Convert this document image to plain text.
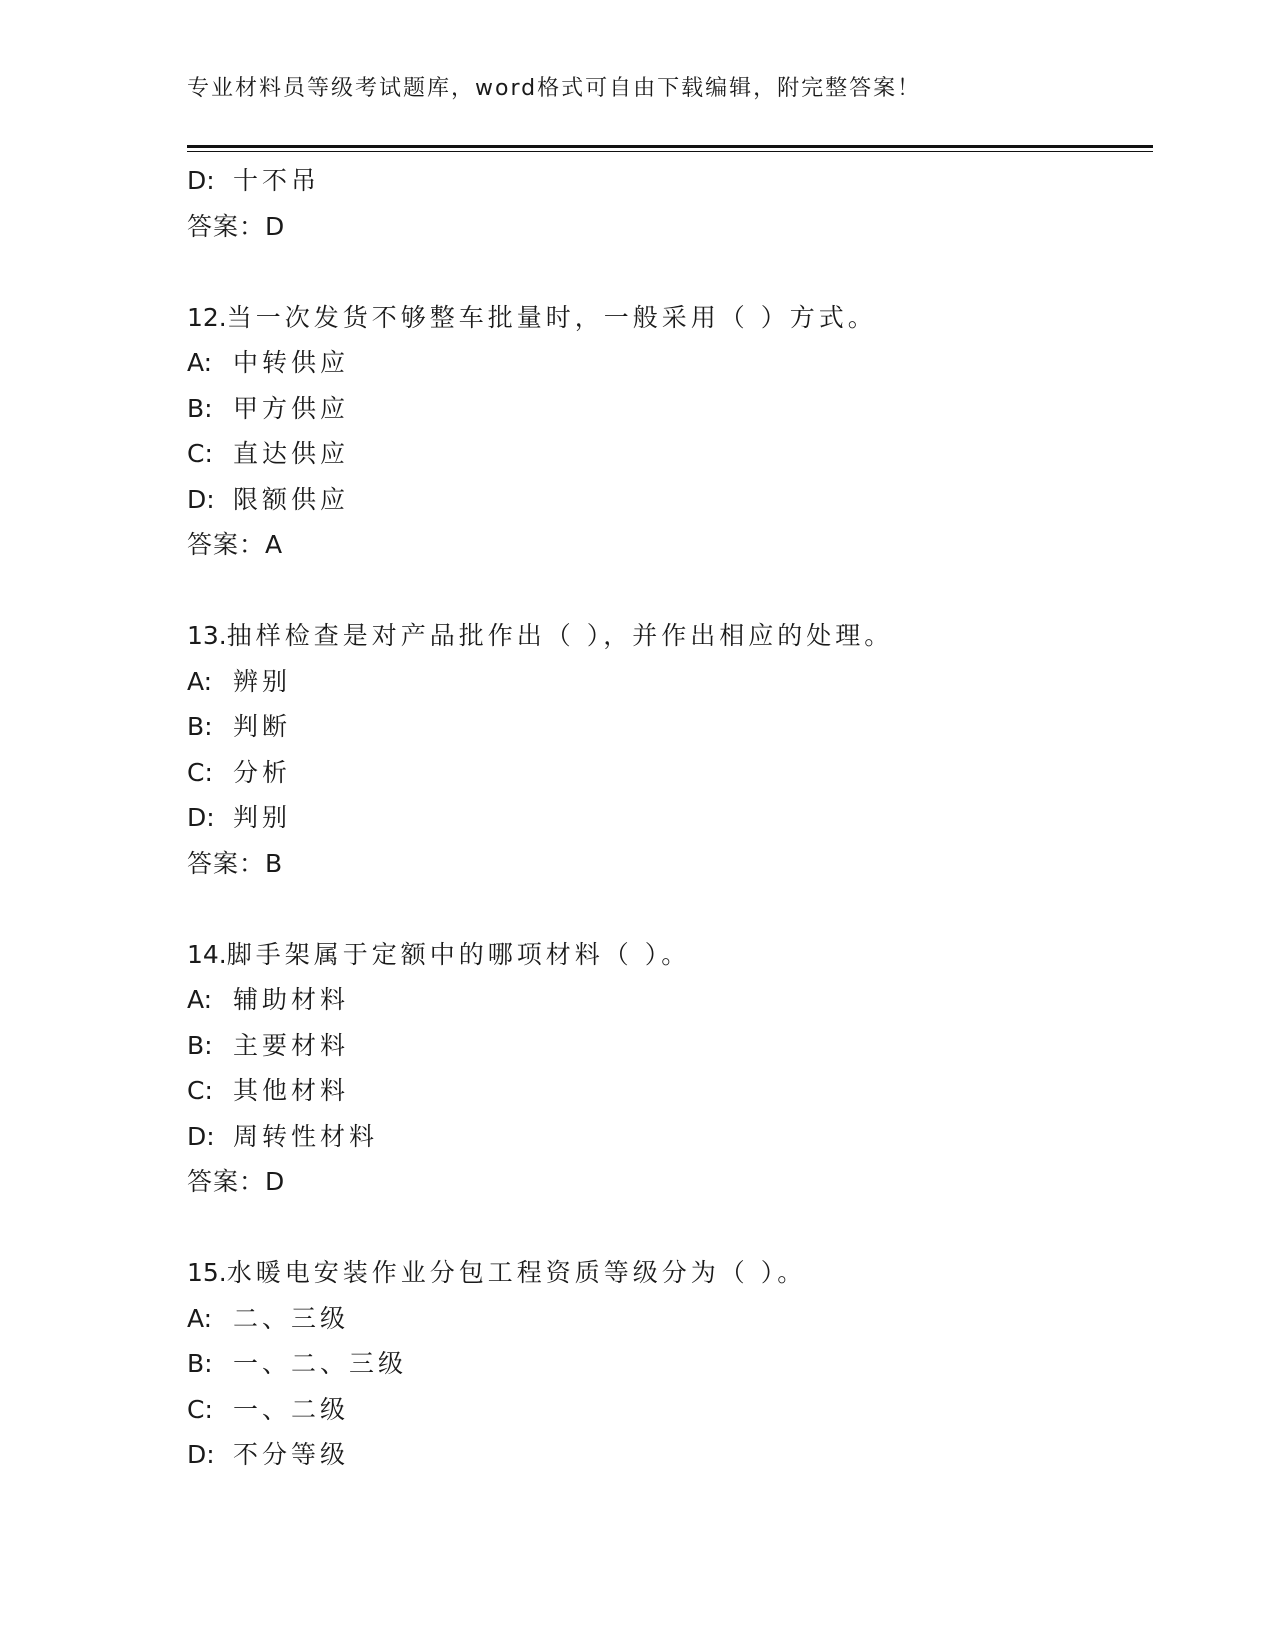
专业材料员等级考试题库，word格式可自由下载编辑，附完整答案！
D: 十不吊
答案：D
12.当一次发货不够整车批量时，一般采用（ ）方式。
A: 中转供应
B: 甲方供应
C: 直达供应
D: 限额供应
答案：A
13.抽样检查是对产品批作出（ ），并作出相应的处理。
A: 辨别
B: 判断
C: 分析
D: 判别
答案：B
14.脚手架属于定额中的哪项材料（ ）。
A: 辅助材料
B: 主要材料
C: 其他材料
D: 周转性材料
答案：D
15.水暖电安装作业分包工程资质等级分为（ ）。
A: 二、三级
B: 一、二、三级
C: 一、二级
D: 不分等级
